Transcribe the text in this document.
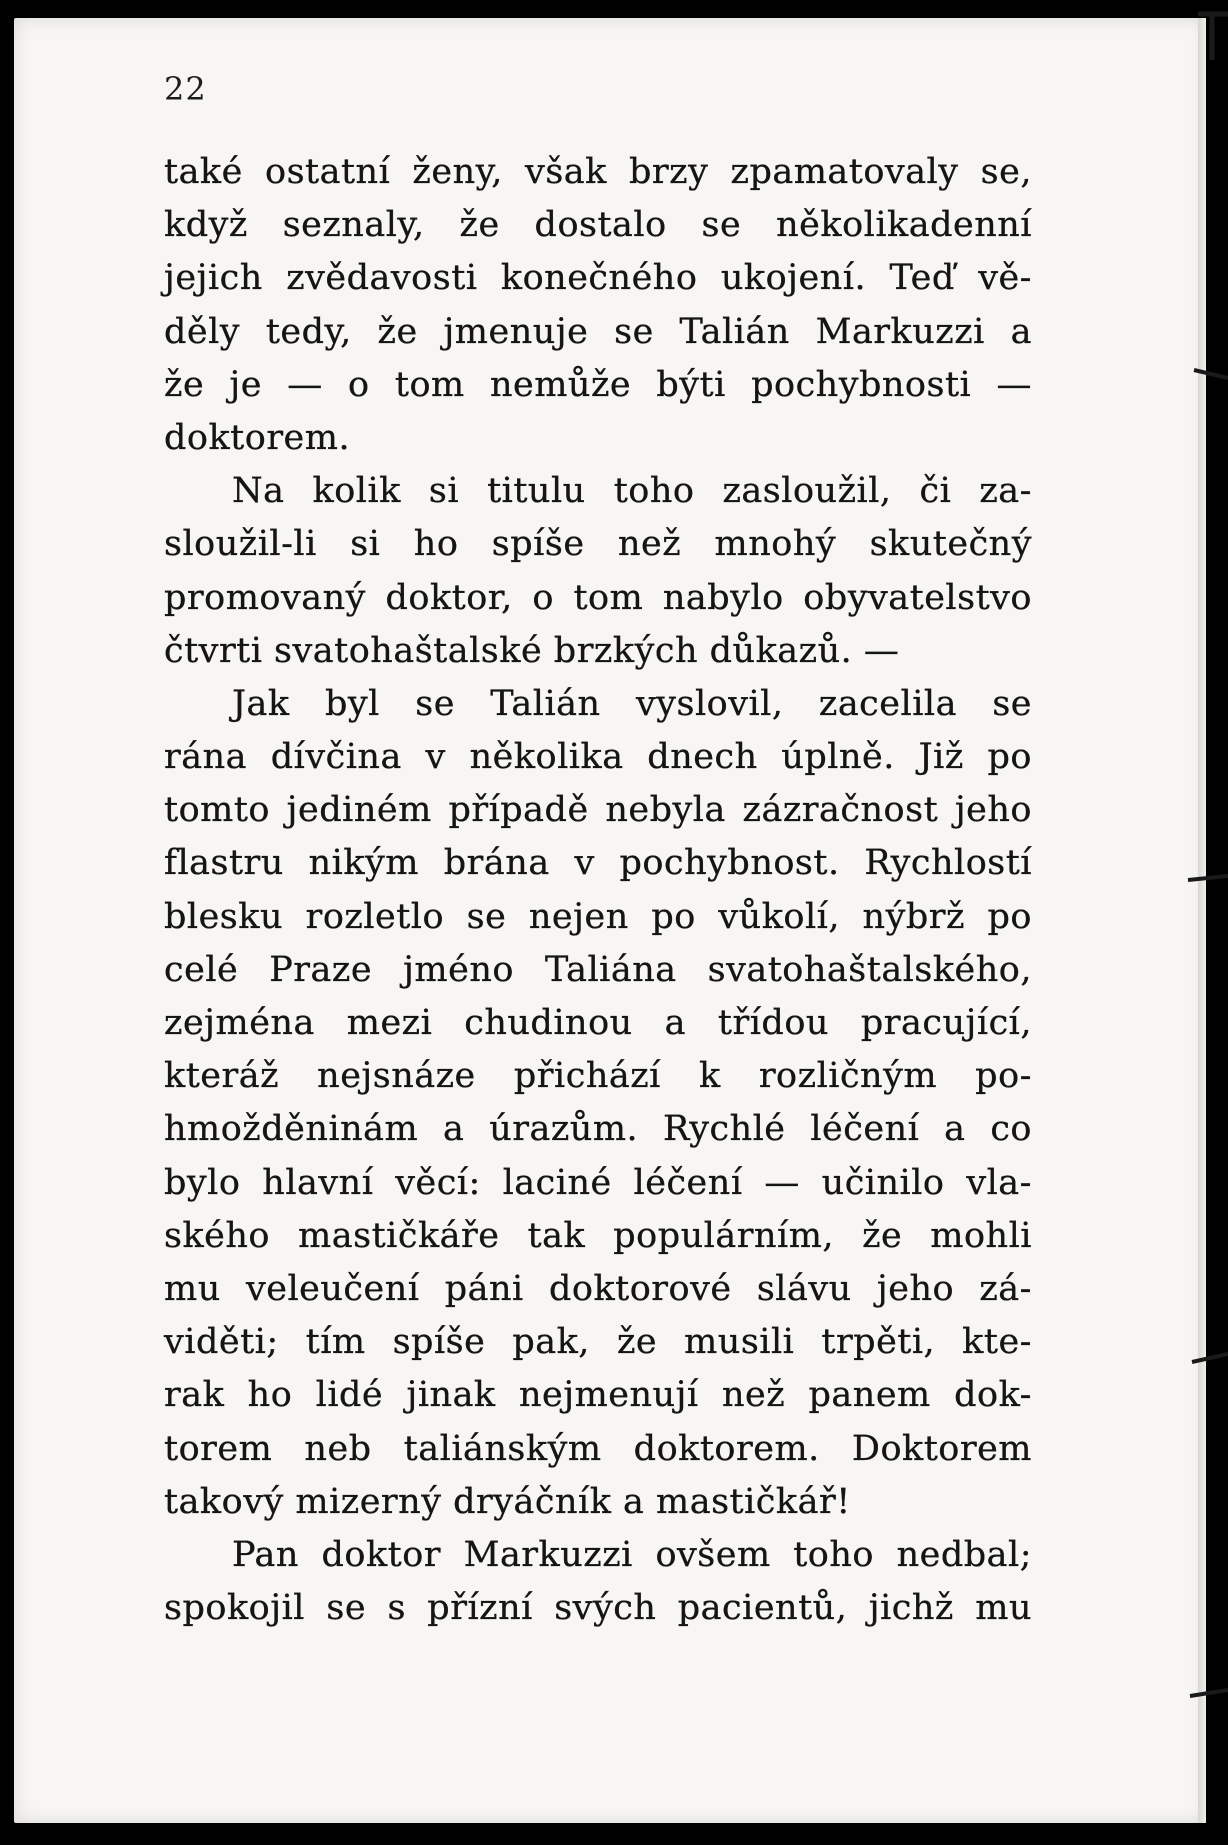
22
také ostatní ženy, však brzy zpamatovaly se,
když seznaly, že dostalo se několikadenní
jejich zvědavosti konečného ukojení. Teď vě-
děly tedy, že jmenuje se Talián Markuzzi a
že je — o tom nemůže býti pochybnosti —
doktorem.
Na kolik si titulu toho zasloužil, či za-
sloužil-li si ho spíše než mnohý skutečný
promovaný doktor, o tom nabylo obyvatelstvo
čtvrti svatohaštalské brzkých důkazů. —
Jak byl se Talián vyslovil, zacelila se
rána dívčina v několika dnech úplně. Již po
tomto jediném případě nebyla zázračnost jeho
flastru nikým brána v pochybnost. Rychlostí
blesku rozletlo se nejen po vůkolí, nýbrž po
celé Praze jméno Taliána svatohaštalského,
zejména mezi chudinou a třídou pracující,
kteráž nejsnáze přichází k rozličným po-
hmožděninám a úrazům. Rychlé léčení a co
bylo hlavní věcí: laciné léčení — učinilo vla-
ského mastičkáře tak populárním, že mohli
mu veleučení páni doktorové slávu jeho zá-
viděti; tím spíše pak, že musili trpěti, kte-
rak ho lidé jinak nejmenují než panem dok-
torem neb taliánským doktorem. Doktorem
takový mizerný dryáčník a mastičkář!
Pan doktor Markuzzi ovšem toho nedbal;
spokojil se s přízní svých pacientů, jichž mu
